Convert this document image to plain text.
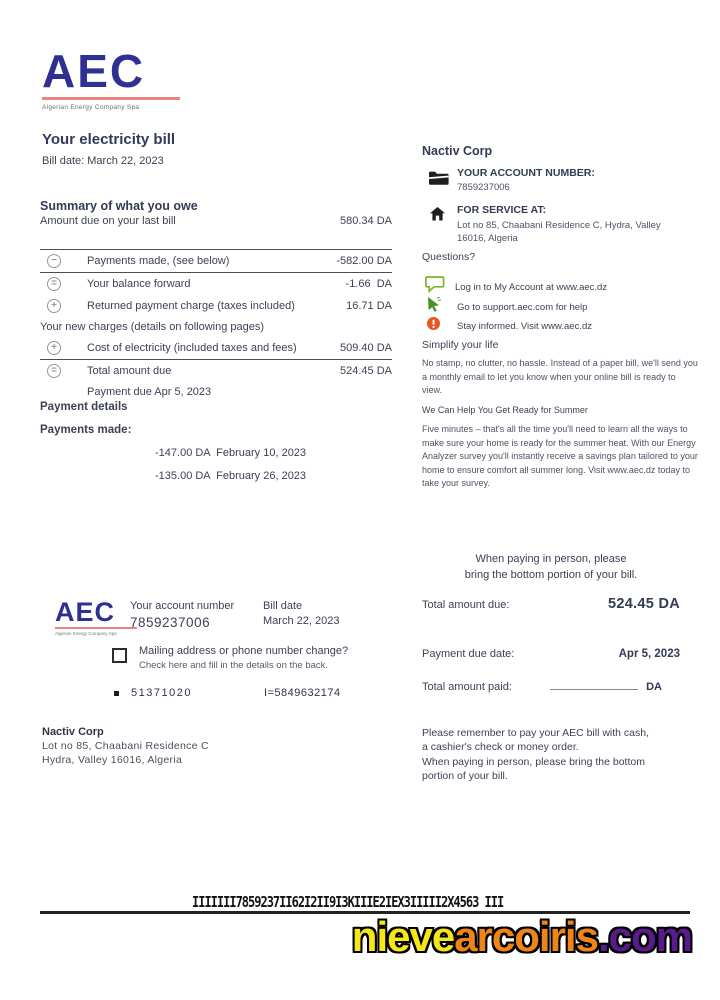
AEC
Algerian Energy Company Spa
Your electricity bill
Bill date: March 22, 2023
Summary of what you owe
Amount due on your last bill	580.34 DA
−	Payments made, (see below)	-582.00 DA
=	Your balance forward	-1.66  DA
+	Returned payment charge (taxes included)	16.71 DA
Your new charges (details on following pages)
+	Cost of electricity (included taxes and fees)	509.40 DA
=	Total amount due	524.45 DA
Payment due Apr 5, 2023
Payment details
Payments made:
-147.00 DA  February 10, 2023
-135.00 DA  February 26, 2023
Nactiv Corp
YOUR ACCOUNT NUMBER:
7859237006
FOR SERVICE AT:
Lot no 85, Chaabani Residence C, Hydra, Valley
16016, Algeria
Questions?
Log in to My Account at www.aec.dz
Go to support.aec.com for help
Stay informed. Visit www.aec.dz
Simplify your life
No stamp, no clutter, no hassle. Instead of a paper bill, we'll send you a monthly email to let you know when your online bill is ready to view.
We Can Help You Get Ready for Summer
Five minutes – that's all the time you'll need to learn all the ways to make sure your home is ready for the summer heat. With our Energy Analyzer survey you'll instantly receive a savings plan tailored to your home to ensure comfort all summer long. Visit www.aec.dz today to take your survey.
When paying in person, please
bring the bottom portion of your bill.
Total amount due:	524.45 DA
Payment due date:	Apr 5, 2023
Total amount paid:	DA
AEC
Algerian Energy Company Spa
Your account number
7859237006
Bill date
March 22, 2023
Mailing address or phone number change?
Check here and fill in the details on the back.
51371020	I=5849632174
Nactiv Corp
Lot no 85, Chaabani Residence C
Hydra, Valley 16016, Algeria
Please remember to pay your AEC bill with cash,
a cashier's check or money order.
When paying in person, please bring the bottom
portion of your bill.
IIIIIII7859237II62I2II9I3KIIIE2IEX3IIIII2X4563 III
nievearcoiris.com
